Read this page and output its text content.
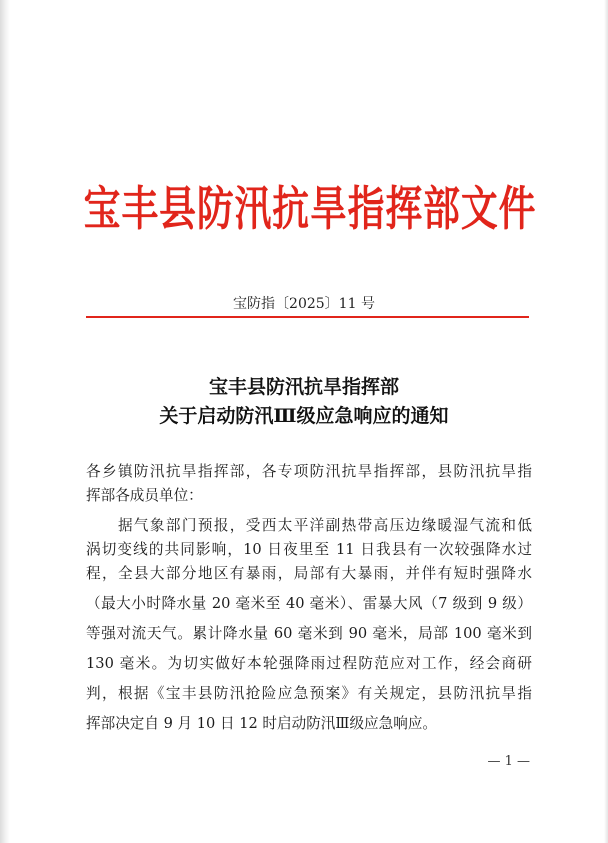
宝丰县防汛抗旱指挥部文件
宝防指〔2025〕11 号
宝丰县防汛抗旱指挥部
关于启动防汛Ⅲ级应急响应的通知
各乡镇防汛抗旱指挥部，各专项防汛抗旱指挥部，县防汛抗旱指
挥部各成员单位：
　　据气象部门预报，受西太平洋副热带高压边缘暖湿气流和低
涡切变线的共同影响，10 日夜里至 11 日我县有一次较强降水过
程，全县大部分地区有暴雨，局部有大暴雨，并伴有短时强降水
（最大小时降水量 20 毫米至 40 毫米）、雷暴大风（7 级到 9 级）
等强对流天气。累计降水量 60 毫米到 90 毫米，局部 100 毫米到
130 毫米。为切实做好本轮强降雨过程防范应对工作，经会商研
判，根据《宝丰县防汛抢险应急预案》有关规定，县防汛抗旱指
挥部决定自 9 月 10 日 12 时启动防汛Ⅲ级应急响应。
— 1 —
